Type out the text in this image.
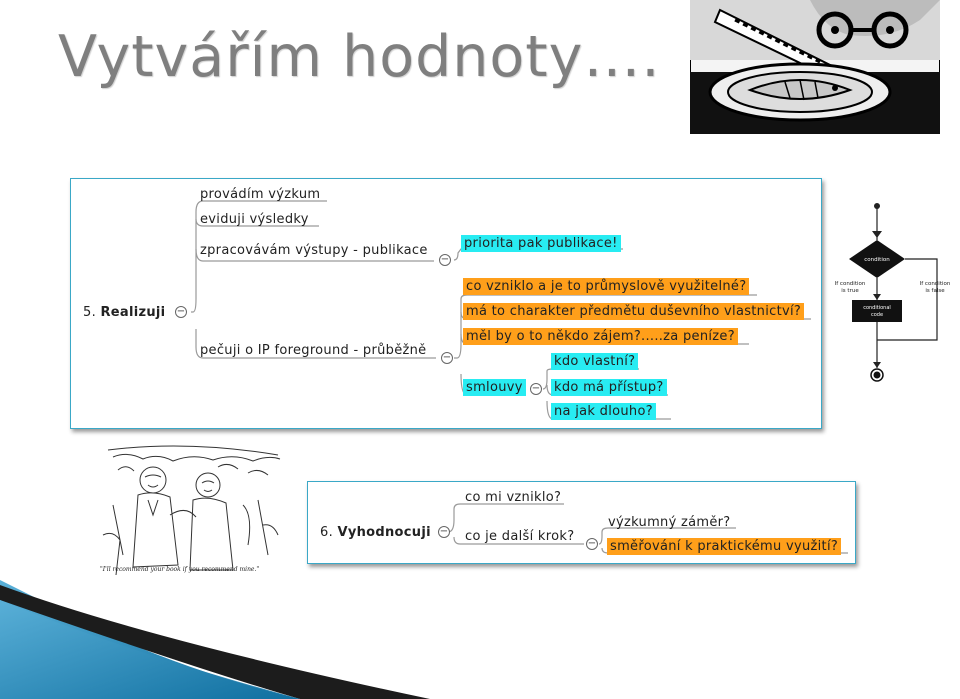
Vytvářím hodnoty….
5. Realizuji −
provádím výzkum
eviduji výsledky
zpracovávám výstupy - publikace
−
priorita pak publikace!
pečuji o IP foreground - průběžně −
co vzniklo a je to průmyslově využitelné?
má to charakter předmětu duševního vlastnictví?
měl by o to někdo zájem?.....za peníze?
smlouvy −
kdo vlastní?
kdo má přístup?
na jak dlouho?
condition
conditional
code
If condition
is true
If condition
is false
"I'll recommend your book if you recommend mine."
6. Vyhodnocuji −
co mi vzniklo?
co je další krok? −
výzkumný záměr?
směřování k praktickému využití?
